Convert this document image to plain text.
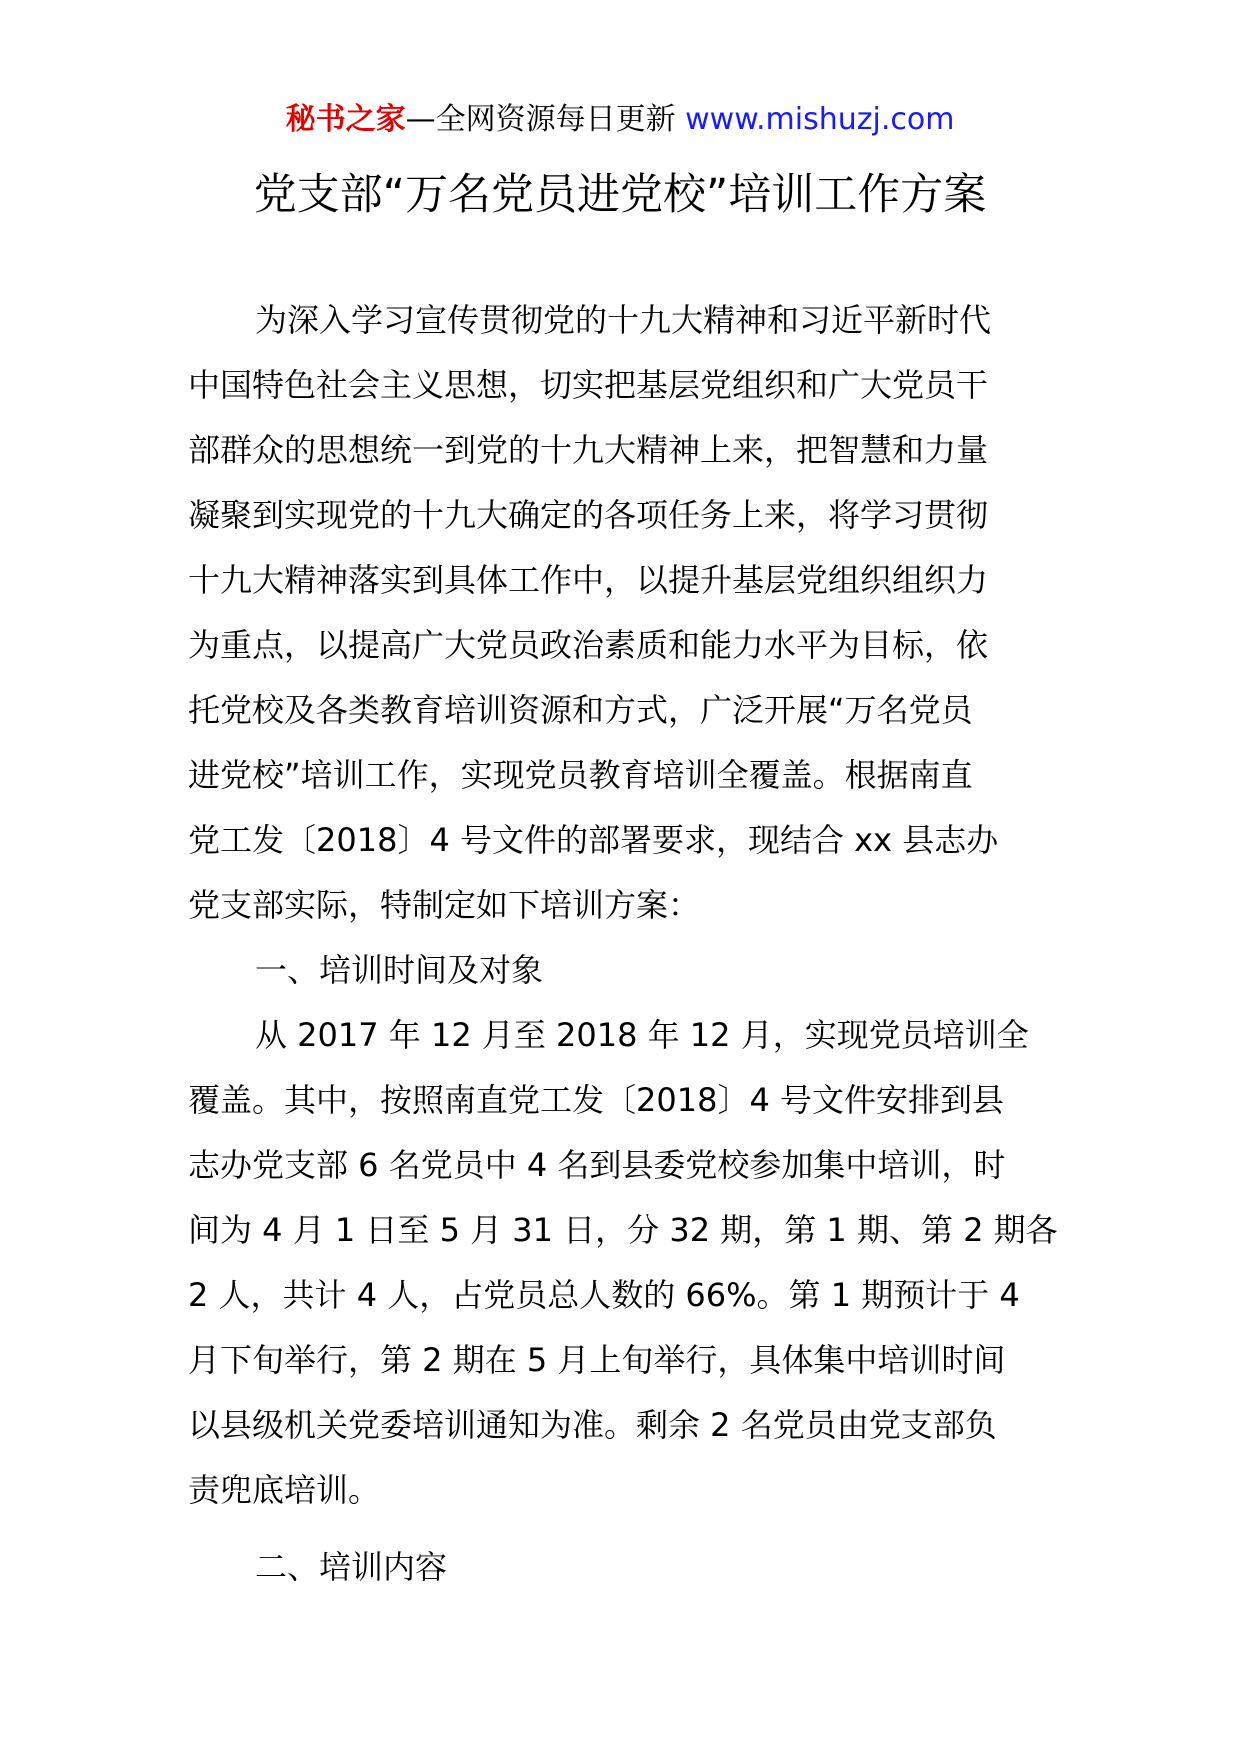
秘书之家—全网资源每日更新 www.mishuzj.com
党支部“万名党员进党校”培训工作方案
为深入学习宣传贯彻党的十九大精神和习近平新时代
中国特色社会主义思想，切实把基层党组织和广大党员干
部群众的思想统一到党的十九大精神上来，把智慧和力量
凝聚到实现党的十九大确定的各项任务上来，将学习贯彻
十九大精神落实到具体工作中，以提升基层党组织组织力
为重点，以提高广大党员政治素质和能力水平为目标，依
托党校及各类教育培训资源和方式，广泛开展“万名党员
进党校”培训工作，实现党员教育培训全覆盖。根据南直
党工发〔2018〕4 号文件的部署要求，现结合 xx 县志办
党支部实际，特制定如下培训方案：
一、培训时间及对象
从 2017 年 12 月至 2018 年 12 月，实现党员培训全
覆盖。其中，按照南直党工发〔2018〕4 号文件安排到县
志办党支部 6 名党员中 4 名到县委党校参加集中培训，时
间为 4 月 1 日至 5 月 31 日，分 32 期，第 1 期、第 2 期各
2 人，共计 4 人，占党员总人数的 66%。第 1 期预计于 4
月下旬举行，第 2 期在 5 月上旬举行，具体集中培训时间
以县级机关党委培训通知为准。剩余 2 名党员由党支部负
责兜底培训。
二、培训内容
